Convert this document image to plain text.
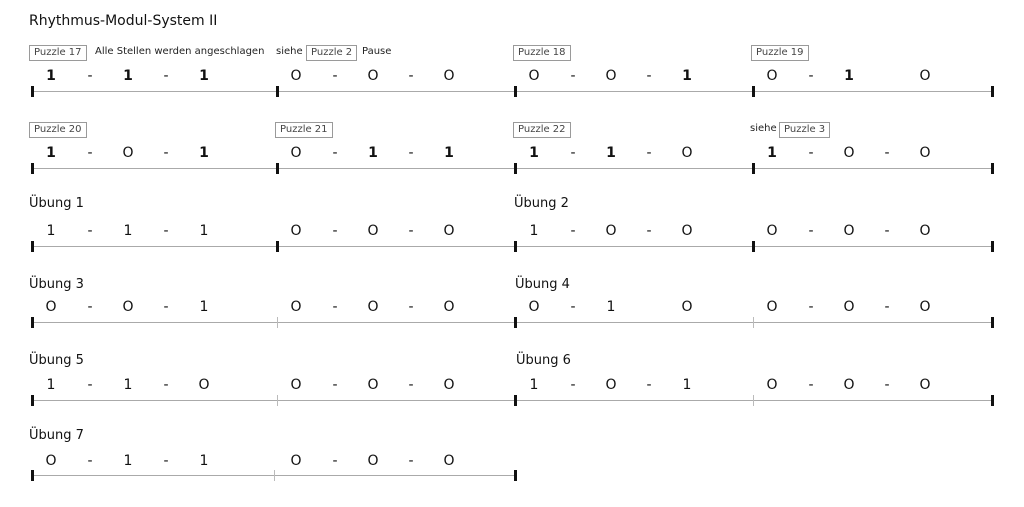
Rhythmus-Modul-System II
Puzzle 17	Alle Stellen werden angeschlagen siehe Puzzle 2 Pause	Puzzle 18	Puzzle 19
1	-	1	-	1	O	-	O	-	O	O	-	O	-	1	O	-	1	O
Puzzle 20	Puzzle 21	Puzzle 22	siehe Puzzle 3
1	-	O	-	1	O	-	1	-	1	1	-	1	-	O	1	-	O	-	O
Übung 1	Übung 2
1	-	1	-	1	O	-	O	-	O	1	-	O	-	O	O	-	O	-	O
Übung 3	Übung 4
O	-	O	-	1	O	-	O	-	O	O	-	1	O	O	-	O	-	O
Übung 5	Übung 6
1	-	1	-	O	O	-	O	-	O	1	-	O	-	1	O	-	O	-	O
Übung 7
O	-	1	-	1	O	-	O	-	O
